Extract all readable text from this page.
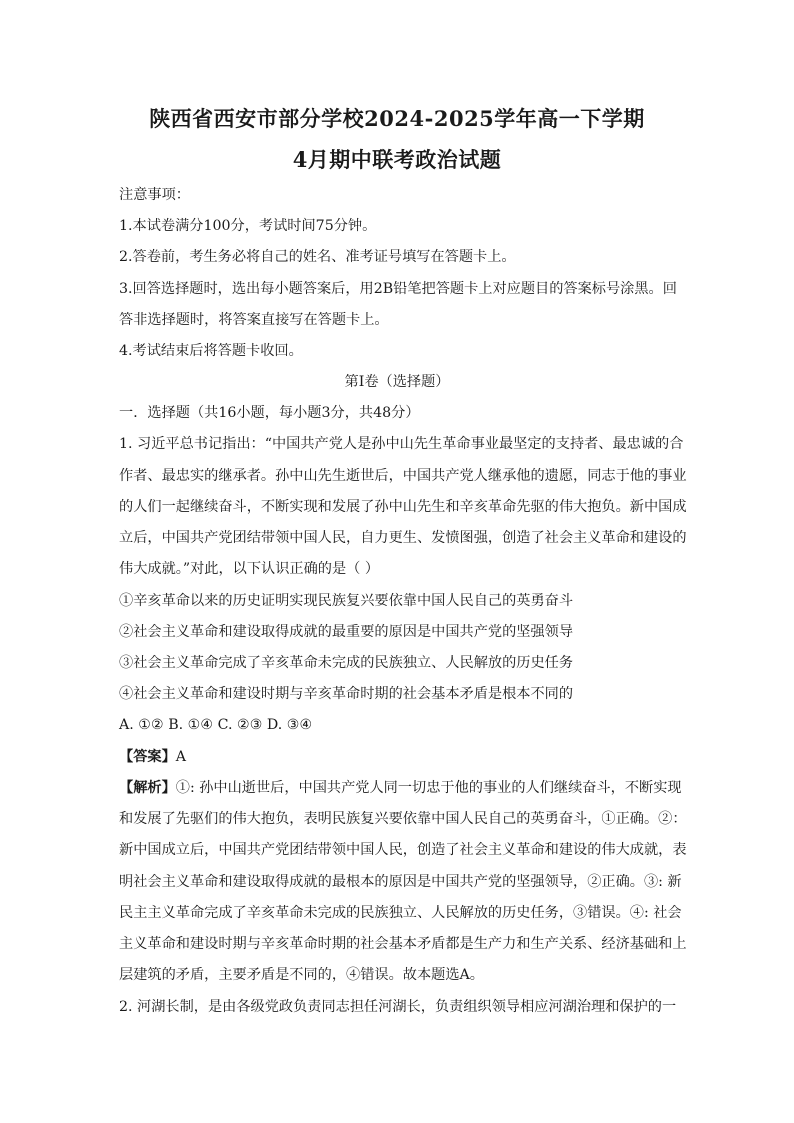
陕西省西安市部分学校2024-2025学年高一下学期
4月期中联考政治试题
注意事项：
1.本试卷满分100分，考试时间75分钟。
2.答卷前，考生务必将自己的姓名、准考证号填写在答题卡上。
3.回答选择题时，选出每小题答案后，用2B铅笔把答题卡上对应题目的答案标号涂黑。回
答非选择题时，将答案直接写在答题卡上。
4.考试结束后将答题卡收回。
第Ⅰ卷（选择题）
一．选择题（共16小题，每小题3分，共48分）
1. 习近平总书记指出：“中国共产党人是孙中山先生革命事业最坚定的支持者、最忠诚的合
作者、最忠实的继承者。孙中山先生逝世后，中国共产党人继承他的遗愿，同志于他的事业
的人们一起继续奋斗，不断实现和发展了孙中山先生和辛亥革命先驱的伟大抱负。新中国成
立后，中国共产党团结带领中国人民，自力更生、发愤图强，创造了社会主义革命和建设的
伟大成就。”对此，以下认识正确的是（ ）
①辛亥革命以来的历史证明实现民族复兴要依靠中国人民自己的英勇奋斗
②社会主义革命和建设取得成就的最重要的原因是中国共产党的坚强领导
③社会主义革命完成了辛亥革命未完成的民族独立、人民解放的历史任务
④社会主义革命和建设时期与辛亥革命时期的社会基本矛盾是根本不同的
A. ①② B. ①④ C. ②③ D. ③④
【答案】A
【解析】①: 孙中山逝世后，中国共产党人同一切忠于他的事业的人们继续奋斗，不断实现
和发展了先驱们的伟大抱负，表明民族复兴要依靠中国人民自己的英勇奋斗，①正确。②：
新中国成立后，中国共产党团结带领中国人民，创造了社会主义革命和建设的伟大成就，表
明社会主义革命和建设取得成就的最根本的原因是中国共产党的坚强领导，②正确。③: 新
民主主义革命完成了辛亥革命未完成的民族独立、人民解放的历史任务，③错误。④: 社会
主义革命和建设时期与辛亥革命时期的社会基本矛盾都是生产力和生产关系、经济基础和上
层建筑的矛盾，主要矛盾是不同的，④错误。故本题选A。
2. 河湖长制，是由各级党政负责同志担任河湖长，负责组织领导相应河湖治理和保护的一
